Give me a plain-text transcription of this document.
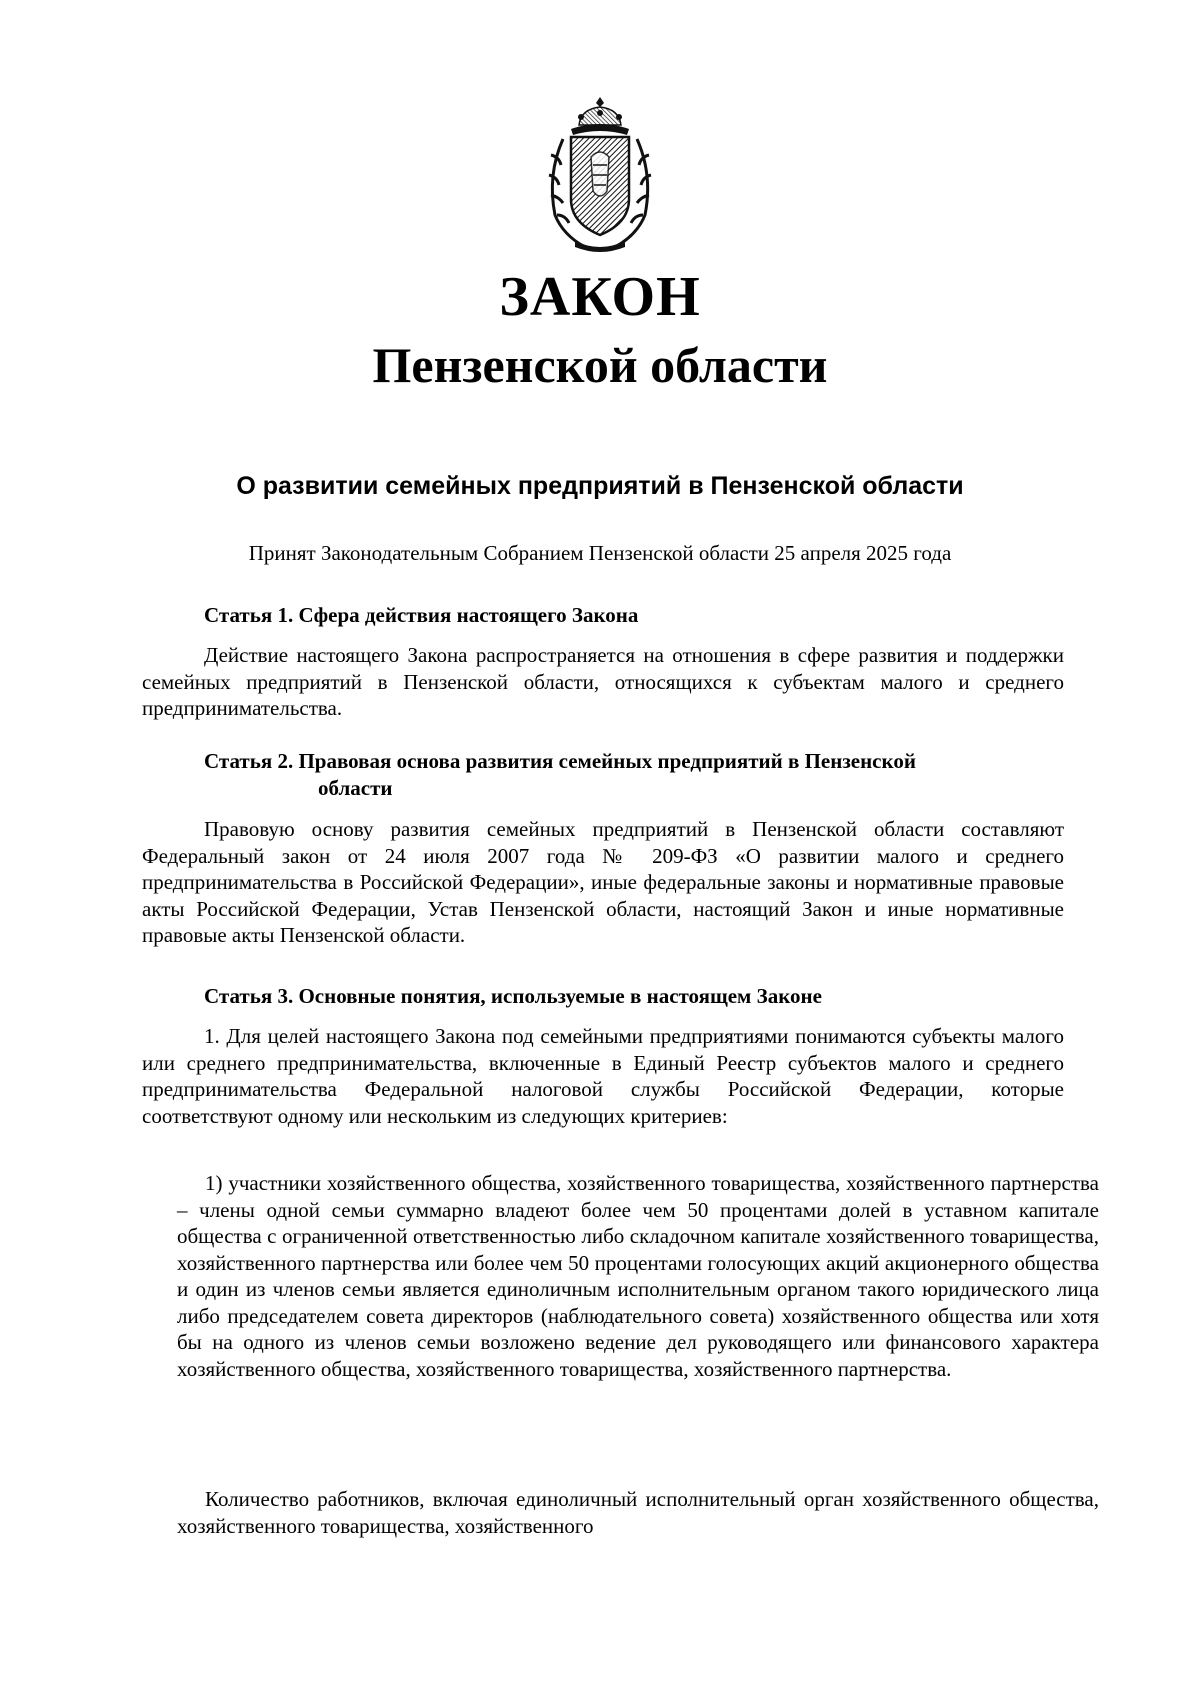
ЗАКОН
Пензенской области
О развитии семейных предприятий в Пензенской области

Принят Законодательным Собранием Пензенской области 25 апреля 2025 года

Статья 1. Сфера действия настоящего Закона

Действие настоящего Закона распространяется на отношения в сфере развития и поддержки семейных предприятий в Пензенской области, относящихся к субъектам малого и среднего предпринимательства.

Статья 2. Правовая основа развития семейных предприятий в Пензенской
области

Правовую основу развития семейных предприятий в Пензенской области составляют Федеральный закон от 24 июля 2007 года № 209-ФЗ «О развитии малого и среднего предпринимательства в Российской Федерации», иные федеральные законы и нормативные правовые акты Российской Федерации, Устав Пензенской области, настоящий Закон и иные нормативные правовые акты Пензенской области.

Статья 3. Основные понятия, используемые в настоящем Законе

1. Для целей настоящего Закона под семейными предприятиями понимаются субъекты малого или среднего предпринимательства, включенные в Единый Реестр субъектов малого и среднего предпринимательства Федеральной налоговой службы Российской Федерации, которые соответствуют одному или нескольким из следующих критериев:

1) участники хозяйственного общества, хозяйственного товарищества, хозяйственного партнерства – члены одной семьи суммарно владеют более чем 50 процентами долей в уставном капитале общества с ограниченной ответственностью либо складочном капитале хозяйственного товарищества, хозяйственного партнерства или более чем 50 процентами голосующих акций акционерного общества и один из членов семьи является единоличным исполнительным органом такого юридического лица либо председателем совета директоров (наблюдательного совета) хозяйственного общества или хотя бы на одного из членов семьи возложено ведение дел руководящего или финансового характера хозяйственного общества, хозяйственного товарищества, хозяйственного партнерства.

Количество работников, включая единоличный исполнительный орган хозяйственного общества, хозяйственного товарищества, хозяйственного
